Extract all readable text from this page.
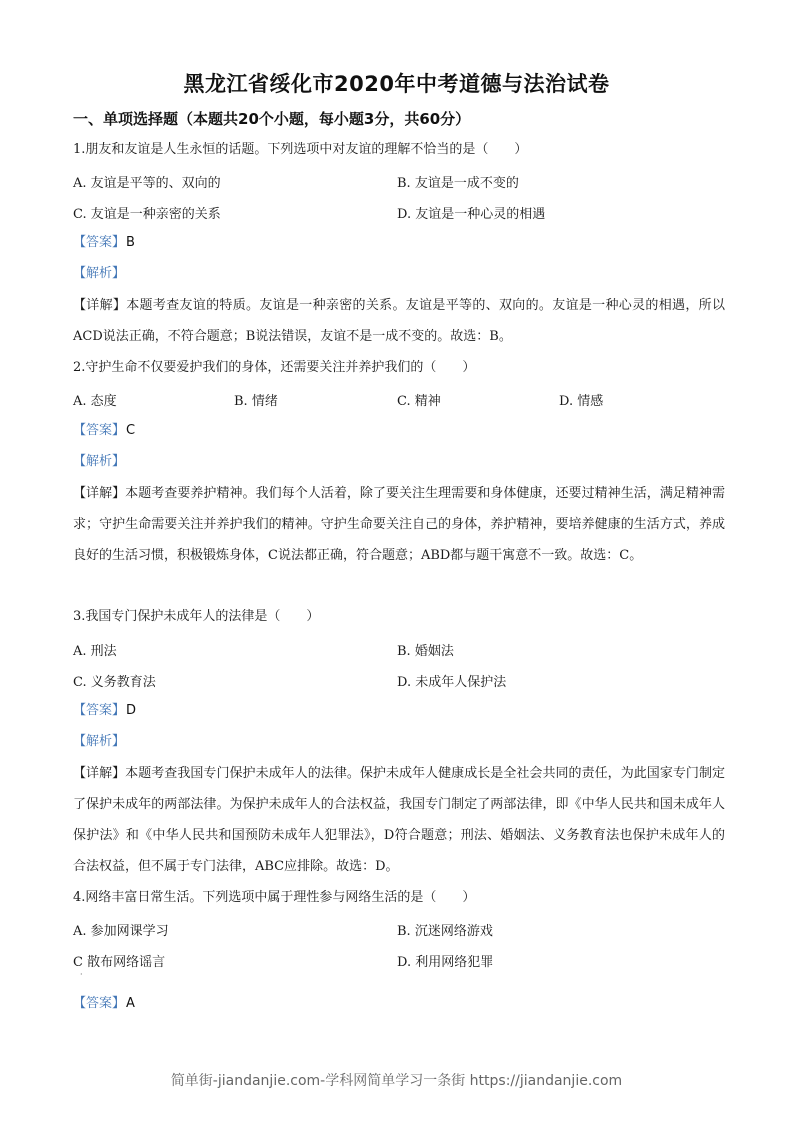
黑龙江省绥化市2020年中考道德与法治试卷
一、单项选择题（本题共20个小题，每小题3分，共60分）
1.朋友和友谊是人生永恒的话题。下列选项中对友谊的理解不恰当的是（　　）
A. 友谊是平等的、双向的	B. 友谊是一成不变的
C. 友谊是一种亲密的关系	D. 友谊是一种心灵的相遇
【答案】B
【解析】
【详解】本题考查友谊的特质。友谊是一种亲密的关系。友谊是平等的、双向的。友谊是一种心灵的相遇，所以ACD说法正确，不符合题意；B说法错误，友谊不是一成不变的。故选：B。
2.守护生命不仅要爱护我们的身体，还需要关注并养护我们的（　　）
A. 态度	B. 情绪	C. 精神	D. 情感
【答案】C
【解析】
【详解】本题考查要养护精神。我们每个人活着，除了要关注生理需要和身体健康，还要过精神生活，满足精神需求；守护生命需要关注并养护我们的精神。守护生命要关注自己的身体，养护精神，要培养健康的生活方式，养成良好的生活习惯，积极锻炼身体，C说法都正确，符合题意；ABD都与题干寓意不一致。故选：C。
3.我国专门保护未成年人的法律是（　　）
A. 刑法	B. 婚姻法
C. 义务教育法	D. 未成年人保护法
【答案】D
【解析】
【详解】本题考查我国专门保护未成年人的法律。保护未成年人健康成长是全社会共同的责任，为此国家专门制定了保护未成年的两部法律。为保护未成年人的合法权益，我国专门制定了两部法律，即《中华人民共和国未成年人保护法》和《中华人民共和国预防未成年人犯罪法》，D符合题意；刑法、婚姻法、义务教育法也保护未成年人的合法权益，但不属于专门法律，ABC应排除。故选：D。
4.网络丰富日常生活。下列选项中属于理性参与网络生活的是（　　）
A. 参加网课学习	B. 沉迷网络游戏
C 散布网络谣言	D. 利用网络犯罪
·
【答案】A
简单街-jiandanjie.com-学科网简单学习一条街 https://jiandanjie.com
